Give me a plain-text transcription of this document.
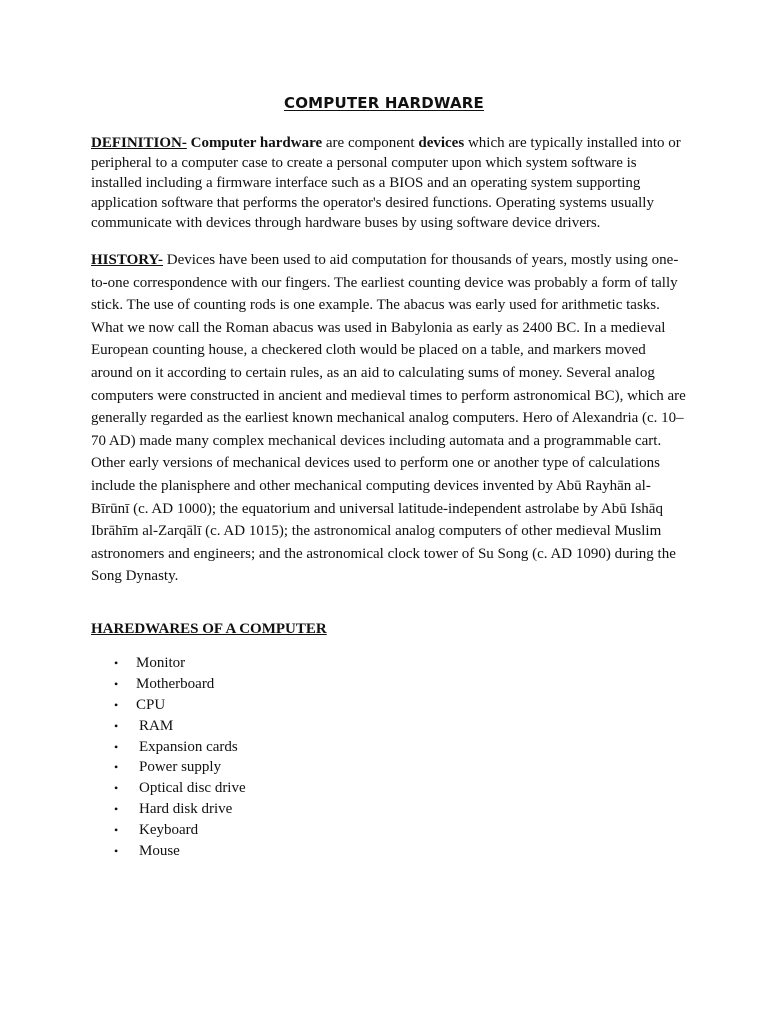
COMPUTER HARDWARE

DEFINITION- Computer hardware are component devices which are typically installed into or peripheral to a computer case to create a personal computer upon which system software is installed including a firmware interface such as a BIOS and an operating system supporting application software that performs the operator's desired functions. Operating systems usually communicate with devices through hardware buses by using software device drivers.

HISTORY- Devices have been used to aid computation for thousands of years, mostly using one-to-one correspondence with our fingers. The earliest counting device was probably a form of tally stick. The use of counting rods is one example. The abacus was early used for arithmetic tasks. What we now call the Roman abacus was used in Babylonia as early as 2400 BC. In a medieval European counting house, a checkered cloth would be placed on a table, and markers moved around on it according to certain rules, as an aid to calculating sums of money. Several analog computers were constructed in ancient and medieval times to perform astronomical BC), which are generally regarded as the earliest known mechanical analog computers. Hero of Alexandria (c. 10–70 AD) made many complex mechanical devices including automata and a programmable cart. Other early versions of mechanical devices used to perform one or another type of calculations include the planisphere and other mechanical computing devices invented by Abū Rayhān al-Bīrūnī (c. AD 1000); the equatorium and universal latitude-independent astrolabe by Abū Ishāq Ibrāhīm al-Zarqālī (c. AD 1015); the astronomical analog computers of other medieval Muslim astronomers and engineers; and the astronomical clock tower of Su Song (c. AD 1090) during the Song Dynasty.

HAREDWARES OF A COMPUTER
• Monitor
• Motherboard
• CPU
• RAM
• Expansion cards
• Power supply
• Optical disc drive
• Hard disk drive
• Keyboard
• Mouse
